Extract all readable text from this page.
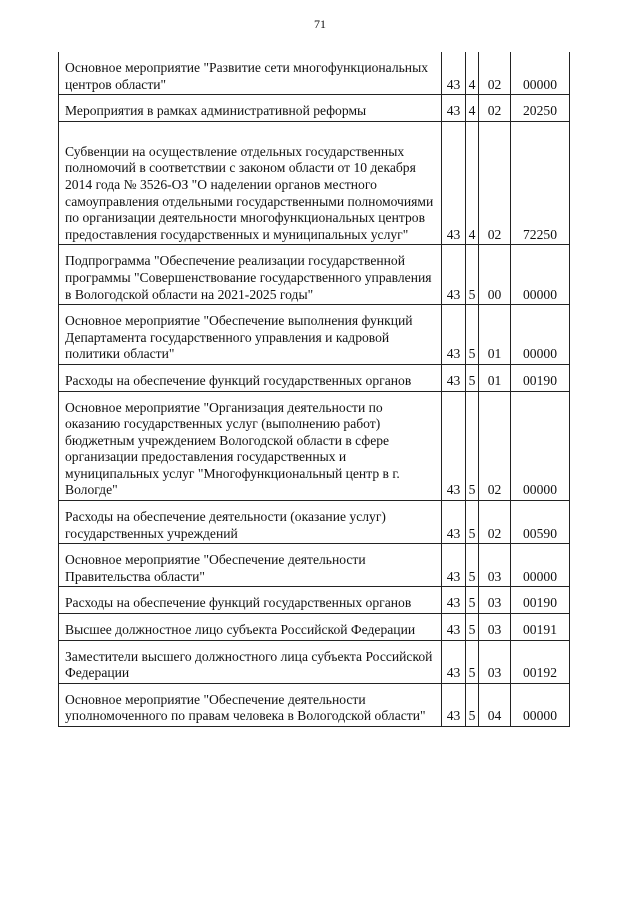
71
Основное мероприятие "Развитие сети многофункциональных центров области"	43	4	02	00000
Мероприятия в рамках административной реформы	43	4	02	20250
Субвенции на осуществление отдельных государственных полномочий в соответствии с законом области от 10 декабря 2014 года № 3526-ОЗ "О наделении органов местного самоуправления отдельными государственными полномочиями по организации деятельности многофункциональных центров предоставления государственных и муниципальных услуг"	43	4	02	72250
Подпрограмма "Обеспечение реализации государственной программы "Совершенствование государственного управления в Вологодской области на 2021-2025 годы"	43	5	00	00000
Основное мероприятие "Обеспечение выполнения функций Департамента государственного управления и кадровой политики области"	43	5	01	00000
Расходы на обеспечение функций государственных органов	43	5	01	00190
Основное мероприятие "Организация деятельности по оказанию государственных услуг (выполнению работ) бюджетным учреждением Вологодской области в сфере организации предоставления государственных и муниципальных услуг "Многофункциональный центр в г. Вологде"	43	5	02	00000
Расходы на обеспечение деятельности (оказание услуг) государственных учреждений	43	5	02	00590
Основное мероприятие "Обеспечение деятельности Правительства области"	43	5	03	00000
Расходы на обеспечение функций государственных органов	43	5	03	00190
Высшее должностное лицо субъекта Российской Федерации	43	5	03	00191
Заместители высшего должностного лица субъекта Российской Федерации	43	5	03	00192
Основное мероприятие "Обеспечение деятельности уполномоченного по правам человека в Вологодской области"	43	5	04	00000
